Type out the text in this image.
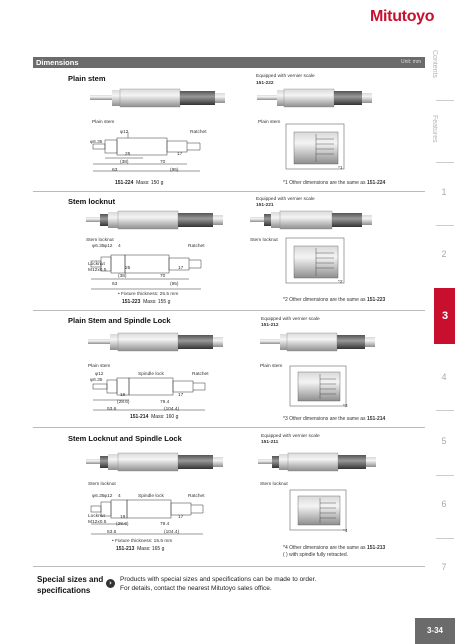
Mitutoyo
Dimensions	Unit: mm Contents
Features
1
2
3
4
5
6
7
Plain stem	Equipped with vernier scale
151-222
φ12	Ratchet
φ6.35
25
(38)	70
17
63	(95)
Plain stem
151-224 Mass: 150 g
Plain stem
*1
*1 Other dimensions are the same as 151-224
Stem locknut	Equipped with vernier scale
151-221
Stem locknut
φ6.35 φ12 4	Ratchet
Locknut
M12x0.5	25
(38)	70
17
63	(95)
• Fixture thickness: 25.5 mm
151-223 Mass: 155 g
Stem locknut
*2
*2 Other dimensions are the same as 151-223
Plain Stem and Spindle Lock	Equipped with vernier scale
151-212
Plain stem
φ12
φ6.35
Spindle lock	Ratchet
19
(28.6)	79.4
17
53.6	(104.4)
151-214 Mass: 160 g
Plain stem
*3
*3 Other dimensions are the same as 151-214
Stem Locknut and Spindle Lock	Equipped with vernier scale
151-211
Stem locknut
φ6.35 φ12 4	Spindle lock	Ratchet
Locknut
M12x0.5
19
(28.6)	79.4
17
53.6	(104.4)
• Fixture thickness: 15.5 mm
151-213 Mass: 165 g
Stem locknut
*4
*4 Other dimensions are the same as 151-213
( ) with spindle fully retracted.
Special sizes and
specifications
›	Products with special sizes and specifications can be made to order.
For details, contact the nearest Mitutoyo sales office.
3-34
